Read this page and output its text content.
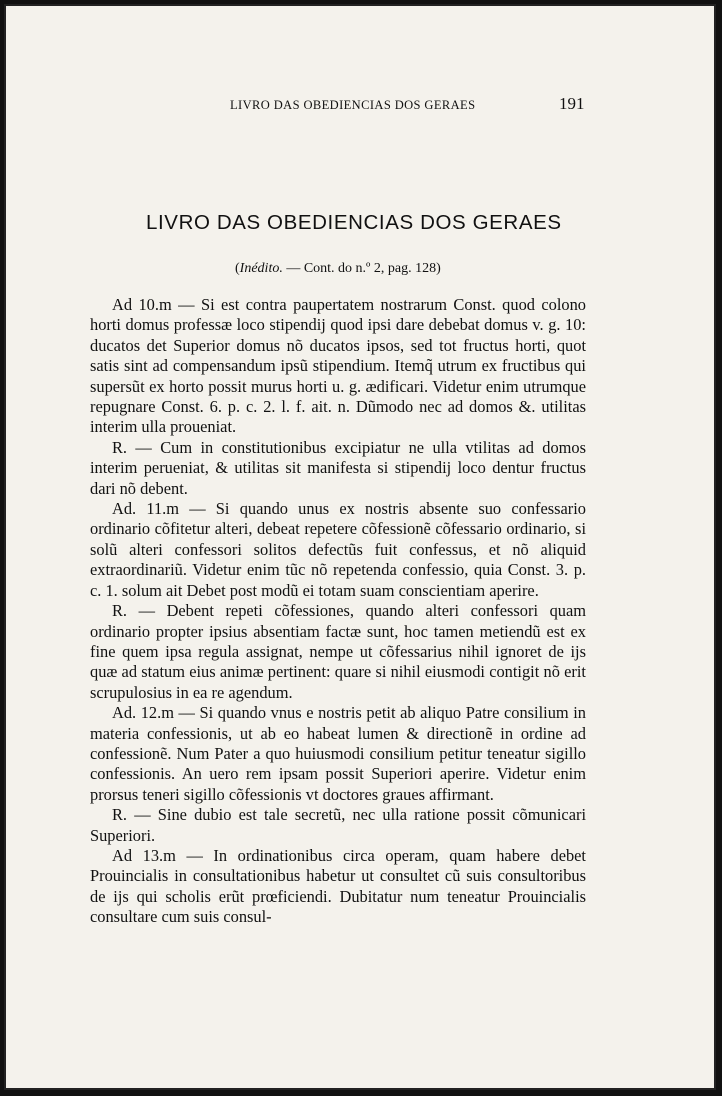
LIVRO DAS OBEDIENCIAS DOS GERAES	191
LIVRO DAS OBEDIENCIAS DOS GERAES
(Inédito. — Cont. do n.º 2, pag. 128)

Ad 10.m — Si est contra paupertatem nostrarum Const. quod colono horti domus professæ loco stipendij quod ipsi dare debebat domus v. g. 10: ducatos det Superior domus nõ ducatos ipsos, sed tot fructus horti, quot satis sint ad compensandum ipsũ stipendium. Itemq̃ utrum ex fructibus qui supersũt ex horto possit murus horti u. g. ædificari. Videtur enim utrumque repugnare Const. 6. p. c. 2. l. f. ait. n. Dũmodo nec ad domos &. utilitas interim ulla proueniat.

R. — Cum in constitutionibus excipiatur ne ulla vtilitas ad domos interim perueniat, & utilitas sit manifesta si stipendij loco dentur fructus dari nõ debent.

Ad. 11.m — Si quando unus ex nostris absente suo confessario ordinario cõfitetur alteri, debeat repetere cõfessionẽ cõfessario ordinario, si solũ alteri confessori solitos defectũs fuit confessus, et nõ aliquid extraordinariũ. Videtur enim tũc nõ repetenda confessio, quia Const. 3. p. c. 1. solum ait Debet post modũ ei totam suam conscientiam aperire.

R. — Debent repeti cõfessiones, quando alteri confessori quam ordinario propter ipsius absentiam factæ sunt, hoc tamen metiendũ est ex fine quem ipsa regula assignat, nempe ut cõfessarius nihil ignoret de ijs quæ ad statum eius animæ pertinent: quare si nihil eiusmodi contigit nõ erit scrupulosius in ea re agendum.

Ad. 12.m — Si quando vnus e nostris petit ab aliquo Patre consilium in materia confessionis, ut ab eo habeat lumen & directionẽ in ordine ad confessionẽ. Num Pater a quo huiusmodi consilium petitur teneatur sigillo confessionis. An uero rem ipsam possit Superiori aperire. Videtur enim prorsus teneri sigillo cõfessionis vt doctores graues affirmant.

R. — Sine dubio est tale secretũ, nec ulla ratione possit cõmunicari Superiori.

Ad 13.m — In ordinationibus circa operam, quam habere debet Prouincialis in consultationibus habetur ut consultet cũ suis consultoribus de ijs qui scholis erũt prœficiendi. Dubitatur num teneatur Prouincialis consultare cum suis consul-
